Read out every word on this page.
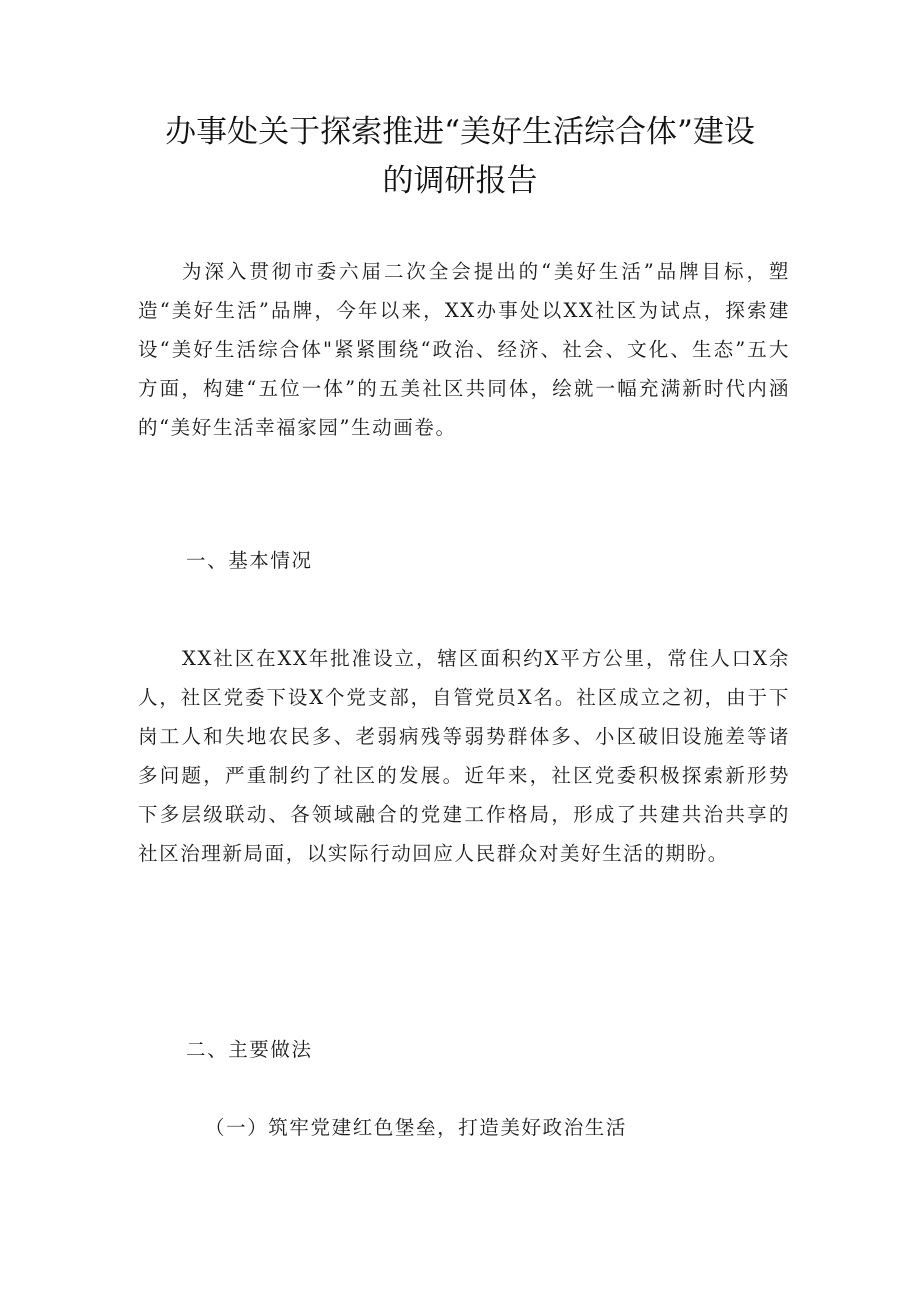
办事处关于探索推进“美好生活综合体”建设
的调研报告

为深入贯彻市委六届二次全会提出的“美好生活”品牌目标，塑造“美好生活”品牌，今年以来，XX办事处以XX社区为试点，探索建设“美好生活综合体"紧紧围绕“政治、经济、社会、文化、生态”五大方面，构建“五位一体”的五美社区共同体，绘就一幅充满新时代内涵的“美好生活幸福家园”生动画卷。

一、基本情况

XX社区在XX年批准设立，辖区面积约X平方公里，常住人口X余人，社区党委下设X个党支部，自管党员X名。社区成立之初，由于下岗工人和失地农民多、老弱病残等弱势群体多、小区破旧设施差等诸多问题，严重制约了社区的发展。近年来，社区党委积极探索新形势下多层级联动、各领域融合的党建工作格局，形成了共建共治共享的社区治理新局面，以实际行动回应人民群众对美好生活的期盼。

二、主要做法
（一）筑牢党建红色堡垒，打造美好政治生活
